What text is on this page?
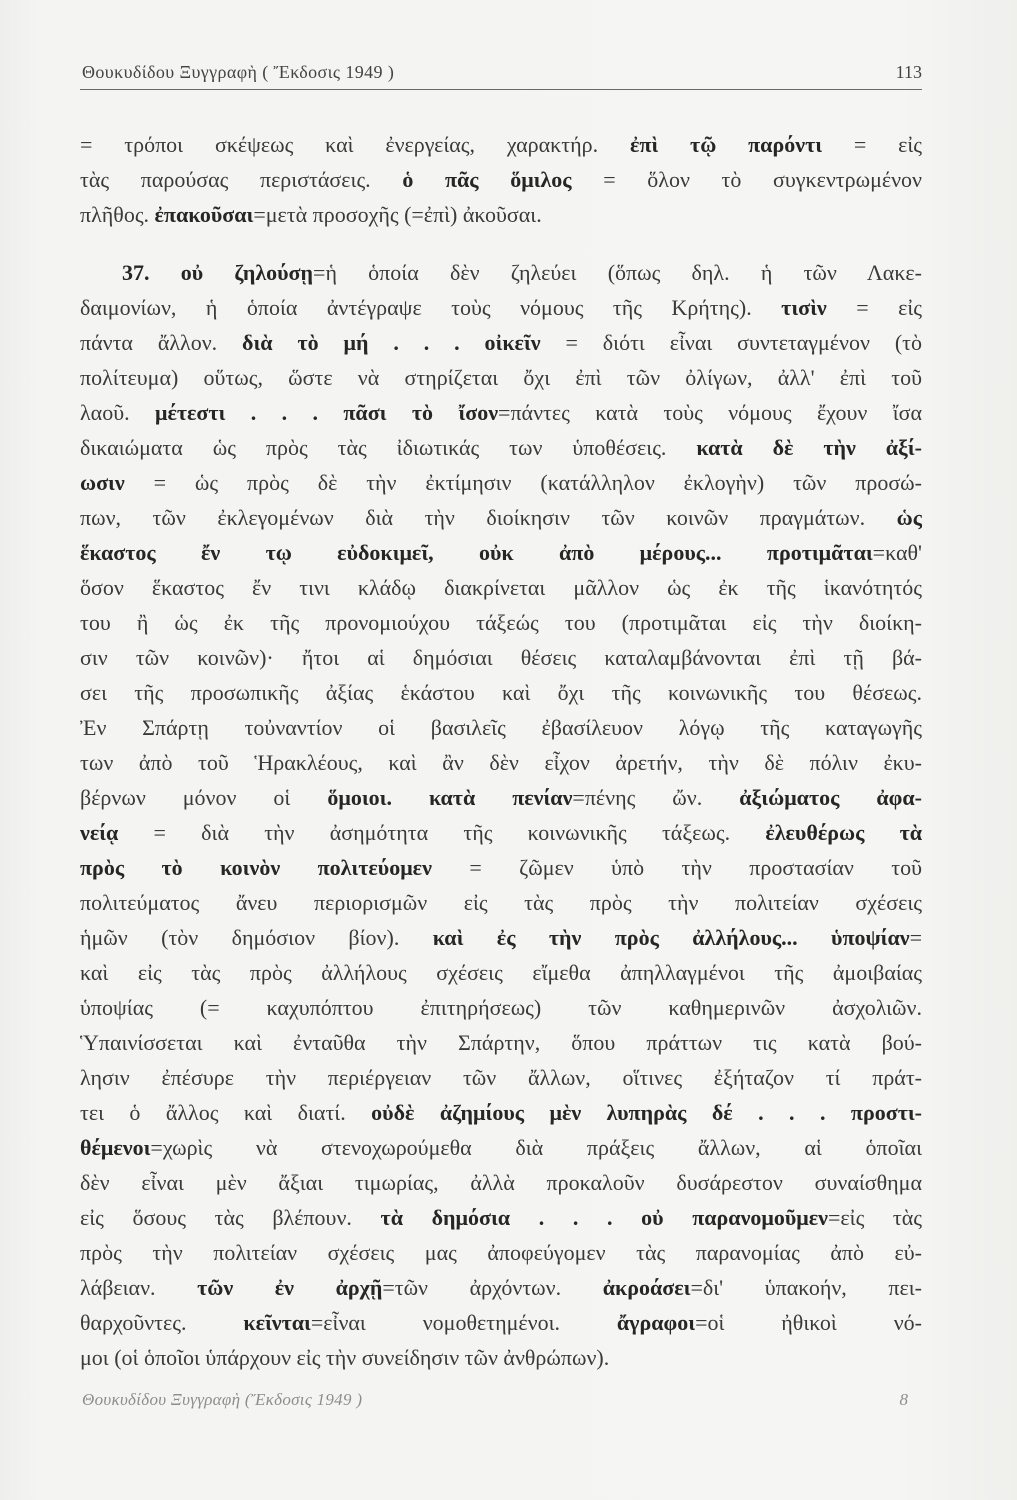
Θουκυδίδου Ξυγγραφὴ ( Ἔκδοσις 1949 )	113
= τρόποι σκέψεως καὶ ἐνεργείας, χαρακτήρ. ἐπὶ τῷ παρόντι = εἰς
τὰς παρούσας περιστάσεις. ὁ πᾶς ὅμιλος = ὅλον τὸ συγκεντρωμένον
πλῆθος. ἐπακοῦσαι=μετὰ προσοχῆς (=ἐπὶ) ἀκοῦσαι.
37. οὐ ζηλούσῃ=ἡ ὁποία δὲν ζηλεύει (ὅπως δηλ. ἡ τῶν Λακε-
δαιμονίων, ἡ ὁποία ἀντέγραψε τοὺς νόμους τῆς Κρήτης). τισὶν = εἰς
πάντα ἄλλον. διὰ τὸ μή . . . οἰκεῖν = διότι εἶναι συντεταγμένον (τὸ
πολίτευμα) οὕτως, ὥστε νὰ στηρίζεται ὄχι ἐπὶ τῶν ὀλίγων, ἀλλ' ἐπὶ τοῦ
λαοῦ. μέτεστι . . . πᾶσι τὸ ἴσον=πάντες κατὰ τοὺς νόμους ἔχουν ἴσα
δικαιώματα ὡς πρὸς τὰς ἰδιωτικάς των ὑποθέσεις. κατὰ δὲ τὴν ἀξί-
ωσιν = ὡς πρὸς δὲ τὴν ἐκτίμησιν (κατάλληλον ἐκλογὴν) τῶν προσώ-
πων, τῶν ἐκλεγομένων διὰ τὴν διοίκησιν τῶν κοινῶν πραγμάτων. ὡς
ἕκαστος ἔν τῳ εὐδοκιμεῖ, οὐκ ἀπὸ μέρους... προτιμᾶται=καθ'
ὅσον ἕκαστος ἔν τινι κλάδῳ διακρίνεται μᾶλλον ὡς ἐκ τῆς ἱκανότητός
του ἢ ὡς ἐκ τῆς προνομιούχου τάξεώς του (προτιμᾶται εἰς τὴν διοίκη-
σιν τῶν κοινῶν)· ἤτοι αἱ δημόσιαι θέσεις καταλαμβάνονται ἐπὶ τῇ βά-
σει τῆς προσωπικῆς ἀξίας ἑκάστου καὶ ὄχι τῆς κοινωνικῆς του θέσεως.
Ἐν Σπάρτῃ τοὐναντίον οἱ βασιλεῖς ἐβασίλευον λόγῳ τῆς καταγωγῆς
των ἀπὸ τοῦ Ἡρακλέους, καὶ ἂν δὲν εἶχον ἀρετήν, τὴν δὲ πόλιν ἐκυ-
βέρνων μόνον οἱ ὅμοιοι. κατὰ πενίαν=πένης ὤν. ἀξιώματος ἀφα-
νείᾳ = διὰ τὴν ἀσημότητα τῆς κοινωνικῆς τάξεως. ἐλευθέρως τὰ
πρὸς τὸ κοινὸν πολιτεύομεν = ζῶμεν ὑπὸ τὴν προστασίαν τοῦ
πολιτεύματος ἄνευ περιορισμῶν εἰς τὰς πρὸς τὴν πολιτείαν σχέσεις
ἡμῶν (τὸν δημόσιον βίον). καὶ ἐς τὴν πρὸς ἀλλήλους... ὑποψίαν=
καὶ εἰς τὰς πρὸς ἀλλήλους σχέσεις εἴμεθα ἀπηλλαγμένοι τῆς ἀμοιβαίας
ὑποψίας (= καχυπόπτου ἐπιτηρήσεως) τῶν καθημερινῶν ἀσχολιῶν.
Ὑπαινίσσεται καὶ ἐνταῦθα τὴν Σπάρτην, ὅπου πράττων τις κατὰ βού-
λησιν ἐπέσυρε τὴν περιέργειαν τῶν ἄλλων, οἵτινες ἐξήταζον τί πράτ-
τει ὁ ἄλλος καὶ διατί. οὐδὲ ἀζημίους μὲν λυπηρὰς δέ . . . προστι-
θέμενοι=χωρὶς νὰ στενοχωρούμεθα διὰ πράξεις ἄλλων, αἱ ὁποῖαι
δὲν εἶναι μὲν ἄξιαι τιμωρίας, ἀλλὰ προκαλοῦν δυσάρεστον συναίσθημα
εἰς ὅσους τὰς βλέπουν. τὰ δημόσια . . . οὐ παρανομοῦμεν=εἰς τὰς
πρὸς τὴν πολιτείαν σχέσεις μας ἀποφεύγομεν τὰς παρανομίας ἀπὸ εὐ-
λάβειαν. τῶν ἐν ἀρχῇ=τῶν ἀρχόντων. ἀκροάσει=δι' ὑπακοήν, πει-
θαρχοῦντες. κεῖνται=εἶναι νομοθετημένοι. ἄγραφοι=οἱ ἠθικοὶ νό-
μοι (οἱ ὁποῖοι ὑπάρχουν εἰς τὴν συνείδησιν τῶν ἀνθρώπων).
Θουκυδίδου Ξυγγραφὴ (Ἔκδοσις 1949 )	8
